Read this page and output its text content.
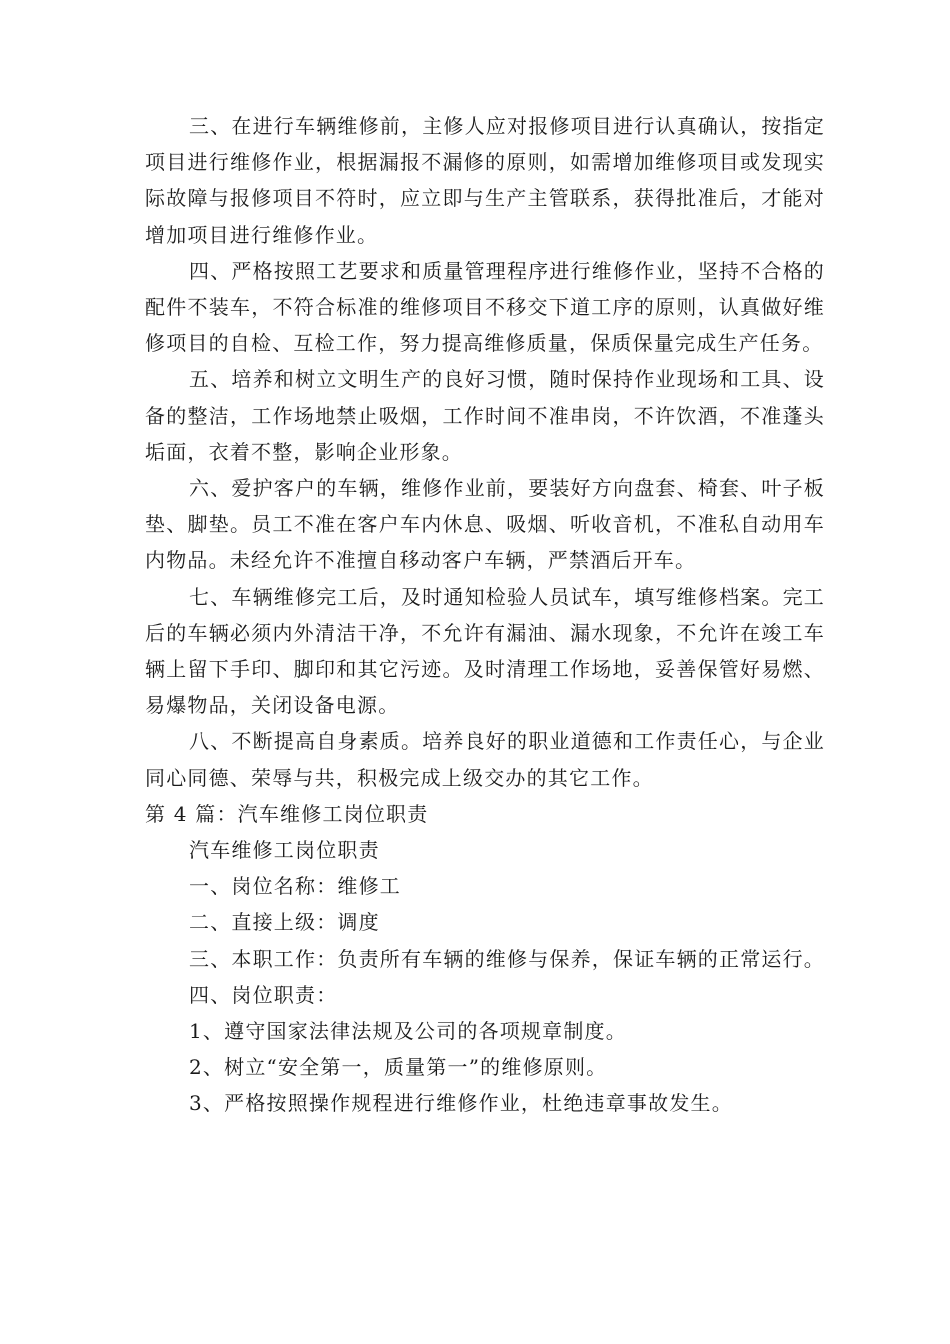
三、在进行车辆维修前，主修人应对报修项目进行认真确认，按指定项目进行维修作业，根据漏报不漏修的原则，如需增加维修项目或发现实际故障与报修项目不符时，应立即与生产主管联系，获得批准后，才能对增加项目进行维修作业。

四、严格按照工艺要求和质量管理程序进行维修作业，坚持不合格的配件不装车，不符合标准的维修项目不移交下道工序的原则，认真做好维修项目的自检、互检工作，努力提高维修质量，保质保量完成生产任务。

五、培养和树立文明生产的良好习惯，随时保持作业现场和工具、设备的整洁，工作场地禁止吸烟，工作时间不准串岗，不许饮酒，不准蓬头垢面，衣着不整，影响企业形象。

六、爱护客户的车辆，维修作业前，要装好方向盘套、椅套、叶子板垫、脚垫。员工不准在客户车内休息、吸烟、听收音机，不准私自动用车内物品。未经允许不准擅自移动客户车辆，严禁酒后开车。

七、车辆维修完工后，及时通知检验人员试车，填写维修档案。完工后的车辆必须内外清洁干净，不允许有漏油、漏水现象，不允许在竣工车辆上留下手印、脚印和其它污迹。及时清理工作场地，妥善保管好易燃、易爆物品，关闭设备电源。

八、不断提高自身素质。培养良好的职业道德和工作责任心，与企业同心同德、荣辱与共，积极完成上级交办的其它工作。

第 4 篇：汽车维修工岗位职责

汽车维修工岗位职责

一、岗位名称：维修工

二、直接上级：调度

三、本职工作：负责所有车辆的维修与保养，保证车辆的正常运行。

四、岗位职责：

1、遵守国家法律法规及公司的各项规章制度。

2、树立“安全第一，质量第一”的维修原则。

3、严格按照操作规程进行维修作业，杜绝违章事故发生。
